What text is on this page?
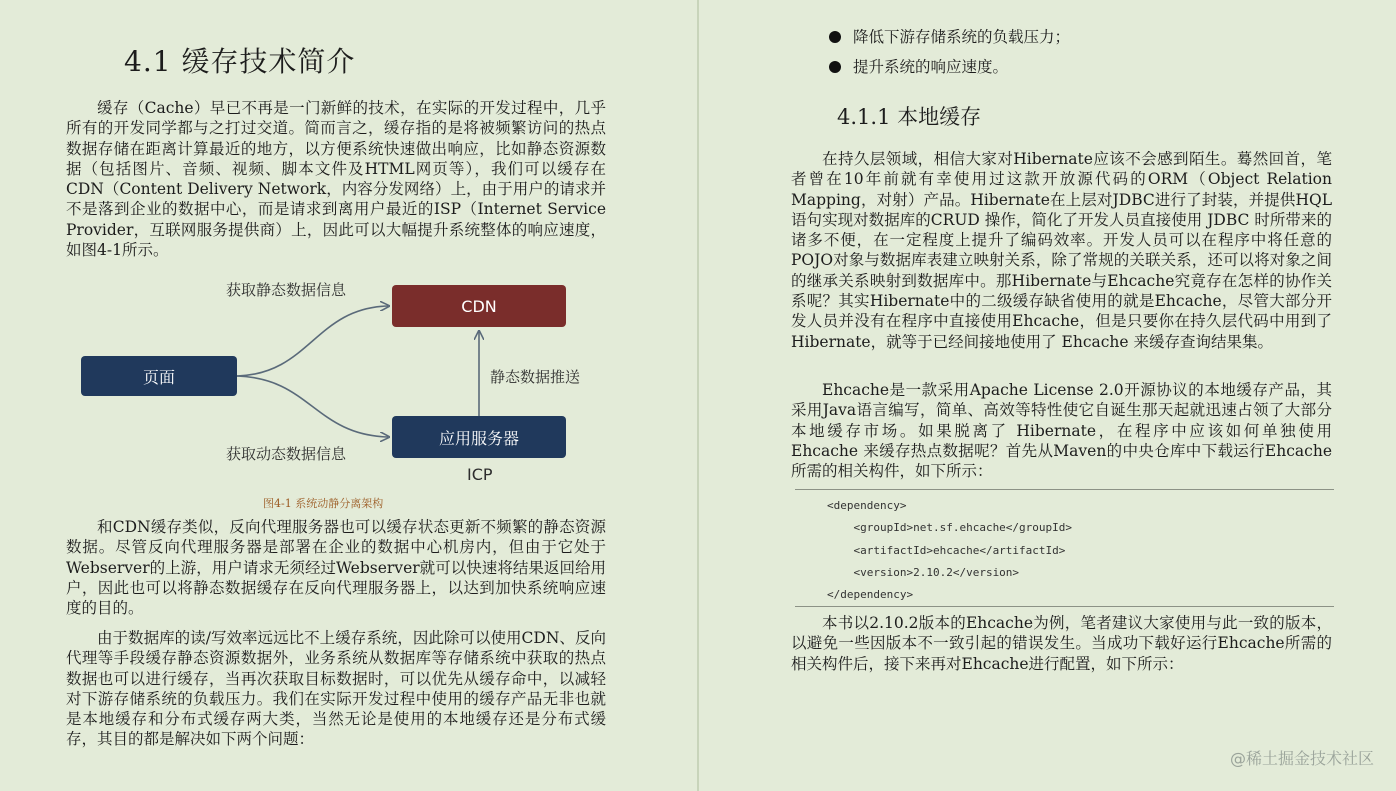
4.1 缓存技术简介

缓存（Cache）早已不再是一门新鲜的技术，在实际的开发过程中，几乎所有的开发同学都与之打过交道。简而言之，缓存指的是将被频繁访问的热点数据存储在距离计算最近的地方，以方便系统快速做出响应，比如静态资源数据（包括图片、音频、视频、脚本文件及HTML网页等），我们可以缓存在CDN（Content Delivery Network，内容分发网络）上，由于用户的请求并不是落到企业的数据中心，而是请求到离用户最近的ISP（Internet Service Provider，互联网服务提供商）上，因此可以大幅提升系统整体的响应速度，如图4-1所示。

页面
CDN
应用服务器
获取静态数据信息
获取动态数据信息
静态数据推送
ICP
图4-1 系统动静分离架构

和CDN缓存类似，反向代理服务器也可以缓存状态更新不频繁的静态资源数据。尽管反向代理服务器是部署在企业的数据中心机房内，但由于它处于Webserver的上游，用户请求无须经过Webserver就可以快速将结果返回给用户，因此也可以将静态数据缓存在反向代理服务器上，以达到加快系统响应速度的目的。

由于数据库的读/写效率远远比不上缓存系统，因此除可以使用CDN、反向代理等手段缓存静态资源数据外，业务系统从数据库等存储系统中获取的热点数据也可以进行缓存，当再次获取目标数据时，可以优先从缓存命中，以减轻对下游存储系统的负载压力。我们在实际开发过程中使用的缓存产品无非也就是本地缓存和分布式缓存两大类，当然无论是使用的本地缓存还是分布式缓存，其目的都是解决如下两个问题：

降低下游存储系统的负载压力；
提升系统的响应速度。
4.1.1 本地缓存

在持久层领域，相信大家对Hibernate应该不会感到陌生。蓦然回首，笔者曾在10年前就有幸使用过这款开放源代码的ORM（Object Relation Mapping，对射）产品。Hibernate在上层对JDBC进行了封装，并提供HQL语句实现对数据库的CRUD 操作，简化了开发人员直接使用 JDBC 时所带来的诸多不便，在一定程度上提升了编码效率。开发人员可以在程序中将任意的POJO对象与数据库表建立映射关系，除了常规的关联关系，还可以将对象之间的继承关系映射到数据库中。那Hibernate与Ehcache究竟存在怎样的协作关系呢？其实Hibernate中的二级缓存缺省使用的就是Ehcache，尽管大部分开发人员并没有在程序中直接使用Ehcache，但是只要你在持久层代码中用到了Hibernate，就等于已经间接地使用了 Ehcache 来缓存查询结果集。

Ehcache是一款采用Apache License 2.0开源协议的本地缓存产品，其采用Java语言编写，简单、高效等特性使它自诞生那天起就迅速占领了大部分本地缓存市场。如果脱离了 Hibernate，在程序中应该如何单独使用 Ehcache 来缓存热点数据呢？首先从Maven的中央仓库中下载运行Ehcache所需的相关构件，如下所示：

本书以2.10.2版本的Ehcache为例，笔者建议大家使用与此一致的版本，以避免一些因版本不一致引起的错误发生。当成功下载好运行Ehcache所需的相关构件后，接下来再对Ehcache进行配置，如下所示：

<dependency>
<groupId>net.sf.ehcache</groupId>
<artifactId>ehcache</artifactId>
<version>2.10.2</version>
</dependency>
@稀土掘金技术社区
